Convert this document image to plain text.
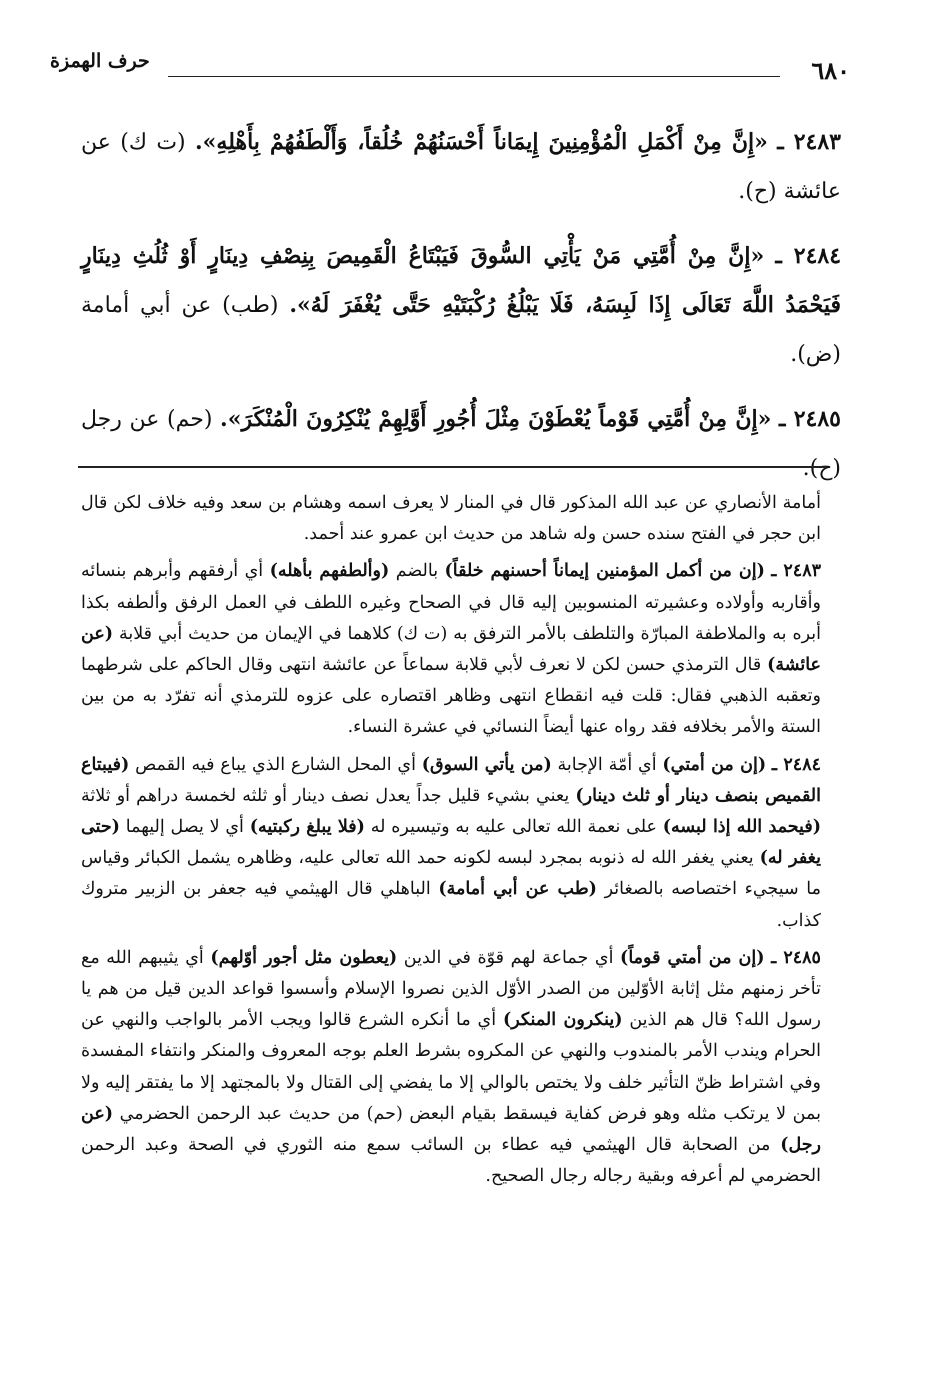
٦٨٠
حرف الهمزة

٢٤٨٣ ـ «إِنَّ مِنْ أَكْمَلِ الْمُؤْمِنِينَ إِيمَاناً أَحْسَنُهُمْ خُلُقاً، وَأَلْطَفُهُمْ بِأَهْلِهِ». (ت ك) عن عائشة (ح).

٢٤٨٤ ـ «إِنَّ مِنْ أُمَّتِي مَنْ يَأْتِي السُّوقَ فَيَبْتَاعُ الْقَمِيصَ بِنِصْفِ دِينَارٍ أَوْ ثُلُثِ دِينَارٍ فَيَحْمَدُ اللَّهَ تَعَالَى إِذَا لَبِسَهُ، فَلَا يَبْلُغُ رُكْبَتَيْهِ حَتَّى يُغْفَرَ لَهُ». (طب) عن أبي أمامة (ض).

٢٤٨٥ ـ «إِنَّ مِنْ أُمَّتِي قَوْماً يُعْطَوْنَ مِثْلَ أُجُورِ أَوَّلِهِمْ يُنْكِرُونَ الْمُنْكَرَ». (حم) عن رجل (ح).

أمامة الأنصاري عن عبد الله المذكور قال في المنار لا يعرف اسمه وهشام بن سعد وفيه خلاف لكن قال ابن حجر في الفتح سنده حسن وله شاهد من حديث ابن عمرو عند أحمد.

٢٤٨٣ ـ (إن من أكمل المؤمنين إيماناً أحسنهم خلقاً) بالضم (وألطفهم بأهله) أي أرفقهم وأبرهم بنسائه وأقاربه وأولاده وعشيرته المنسوبين إليه قال في الصحاح وغيره اللطف في العمل الرفق وألطفه بكذا أبره به والملاطفة المبارّة والتلطف بالأمر الترفق به (ت ك) كلاهما في الإيمان من حديث أبي قلابة (عن عائشة) قال الترمذي حسن لكن لا نعرف لأبي قلابة سماعاً عن عائشة انتهى وقال الحاكم على شرطهما وتعقبه الذهبي فقال: قلت فيه انقطاع انتهى وظاهر اقتصاره على عزوه للترمذي أنه تفرّد به من بين الستة والأمر بخلافه فقد رواه عنها أيضاً النسائي في عشرة النساء.

٢٤٨٤ ـ (إن من أمتي) أي أمّة الإجابة (من يأتي السوق) أي المحل الشارع الذي يباع فيه القمص (فيبتاع القميص بنصف دينار أو ثلث دينار) يعني بشيء قليل جداً يعدل نصف دينار أو ثلثه لخمسة دراهم أو ثلاثة (فيحمد الله إذا لبسه) على نعمة الله تعالى عليه به وتيسيره له (فلا يبلغ ركبتيه) أي لا يصل إليهما (حتى يغفر له) يعني يغفر الله له ذنوبه بمجرد لبسه لكونه حمد الله تعالى عليه، وظاهره يشمل الكبائر وقياس ما سيجيء اختصاصه بالصغائر (طب عن أبي أمامة) الباهلي قال الهيثمي فيه جعفر بن الزبير متروك كذاب.

٢٤٨٥ ـ (إن من أمتي قوماً) أي جماعة لهم قوّة في الدين (يعطون مثل أجور أوّلهم) أي يثيبهم الله مع تأخر زمنهم مثل إثابة الأوّلين من الصدر الأوّل الذين نصروا الإسلام وأسسوا قواعد الدين قيل من هم يا رسول الله؟ قال هم الذين (ينكرون المنكر) أي ما أنكره الشرع قالوا ويجب الأمر بالواجب والنهي عن الحرام ويندب الأمر بالمندوب والنهي عن المكروه بشرط العلم بوجه المعروف والمنكر وانتفاء المفسدة وفي اشتراط ظنّ التأثير خلف ولا يختص بالوالي إلا ما يفضي إلى القتال ولا بالمجتهد إلا ما يفتقر إليه ولا بمن لا يرتكب مثله وهو فرض كفاية فيسقط بقيام البعض (حم) من حديث عبد الرحمن الحضرمي (عن رجل) من الصحابة قال الهيثمي فيه عطاء بن السائب سمع منه الثوري في الصحة وعبد الرحمن الحضرمي لم أعرفه وبقية رجاله رجال الصحيح.
